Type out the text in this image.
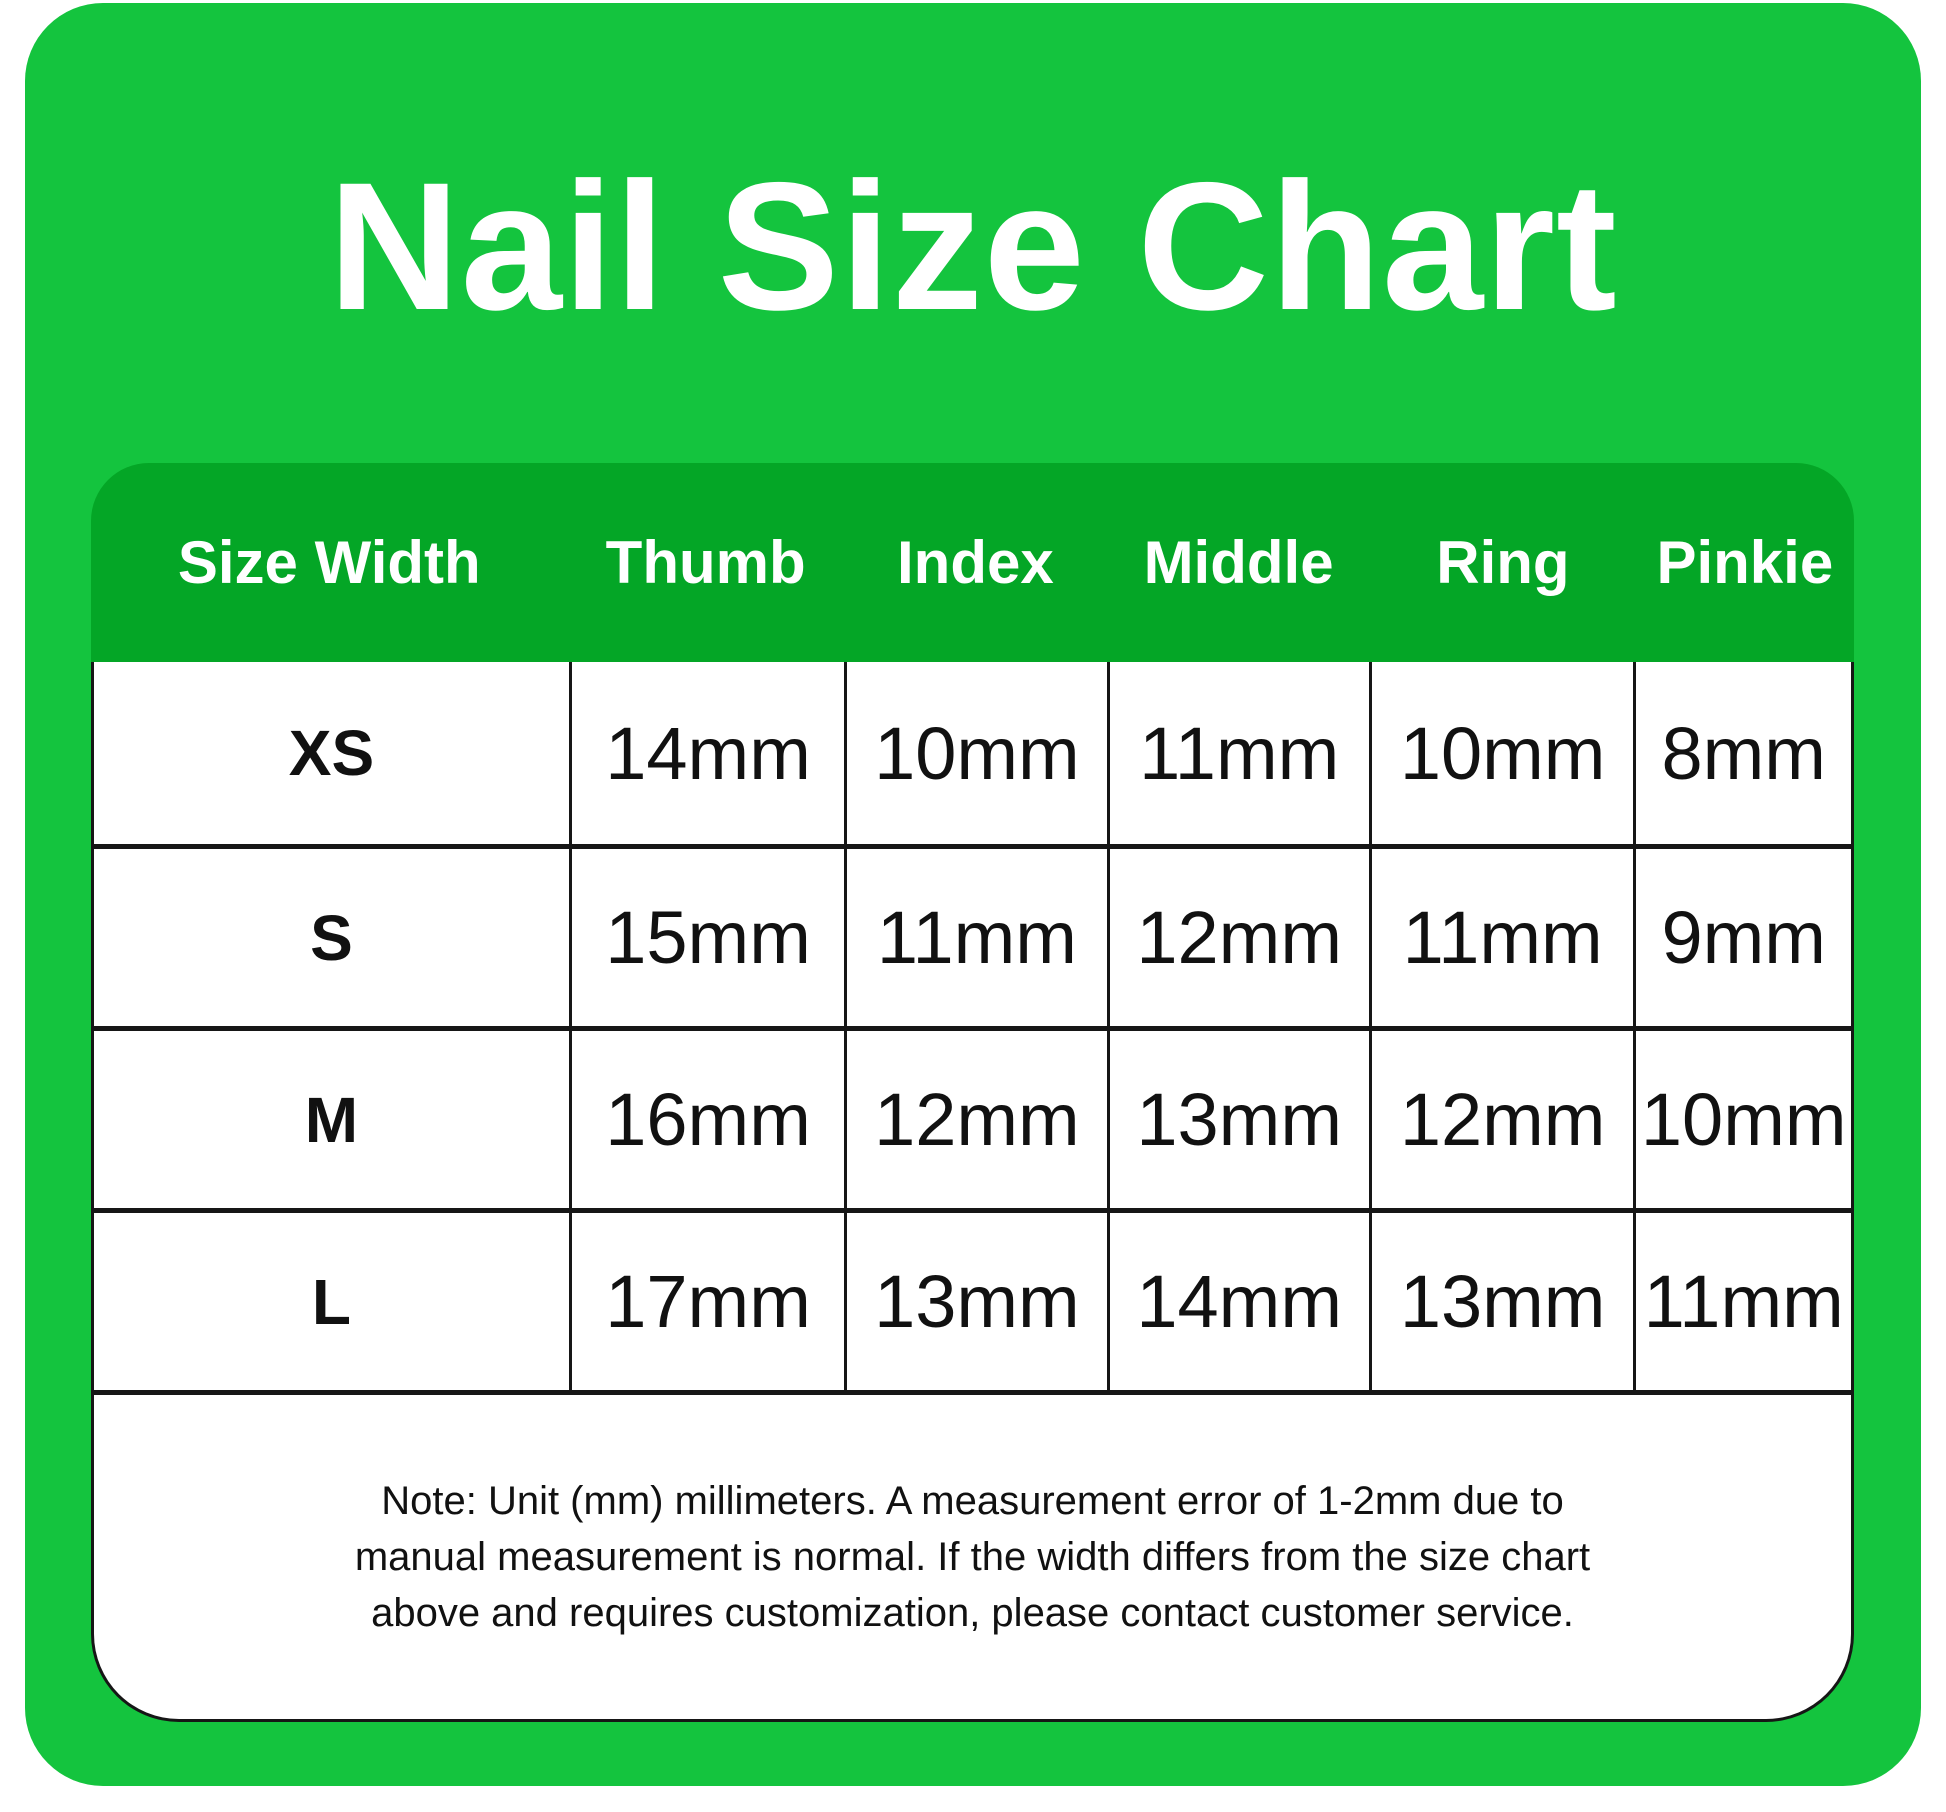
Nail Size Chart
Size Width	Thumb	Index	Middle	Ring	Pinkie
XS	14mm 10mm 11mm 10mm 8mm
S	15mm 11mm 12mm 11mm 9mm
M	16mm 12mm 13mm 12mm 10mm
L	17mm 13mm 14mm 13mm 11mm
Note: Unit (mm) millimeters. A measurement error of 1-2mm due to
manual measurement is normal. If the width differs from the size chart
above and requires customization, please contact customer service.
